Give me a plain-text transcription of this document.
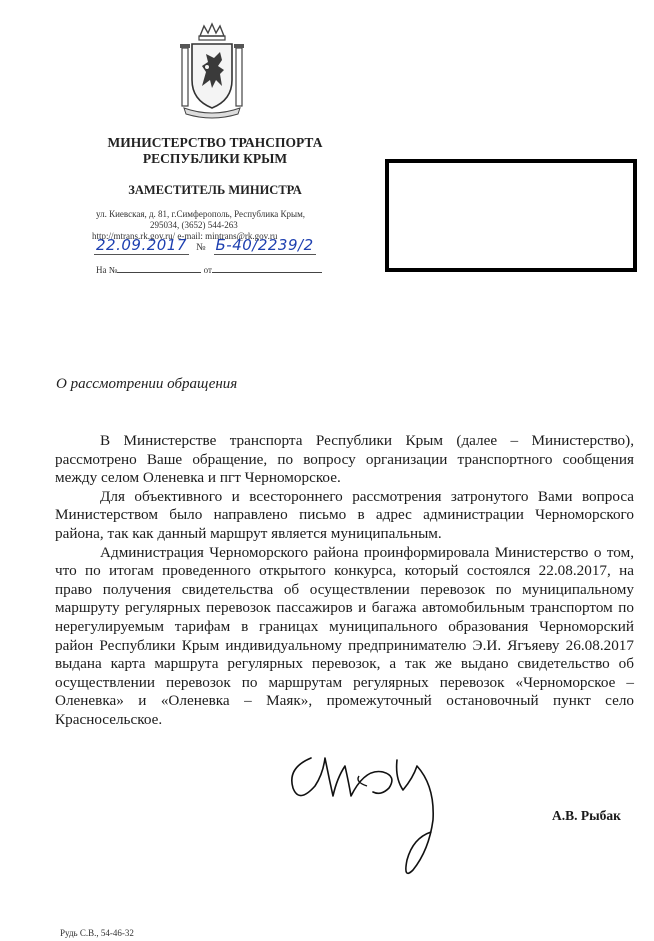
МИНИСТЕРСТВО ТРАНСПОРТА
РЕСПУБЛИКИ КРЫМ
ЗАМЕСТИТЕЛЬ МИНИСТРА
ул. Киевская, д. 81, г.Симферополь, Республика Крым,
295034, (3652) 544-263
http://mtrans.rk.gov.ru/ e-mail: mintrans@rk.gov.ru
22.09.2017 № Б-40/2239/2
На №	от
О рассмотрении обращения

В Министерстве транспорта Республики Крым (далее – Министерство), рассмотрено Ваше обращение, по вопросу организации транспортного сообщения между селом Оленевка и пгт Черноморское.

Для объективного и всестороннего рассмотрения затронутого Вами вопроса Министерством было направлено письмо в адрес администрации Черноморского района, так как данный маршрут является муниципальным.

Администрация Черноморского района проинформировала Министерство о том, что по итогам проведенного открытого конкурса, который состоялся 22.08.2017, на право получения свидетельства об осуществлении перевозок по муниципальному маршруту регулярных перевозок пассажиров и багажа автомобильным транспортом по нерегулируемым тарифам в границах муниципального образования Черноморский район Республики Крым индивидуальному предпринимателю Э.И. Ягъяеву 26.08.2017 выдана карта маршрута регулярных перевозок, а так же выдано свидетельство об осуществлении перевозок по маршрутам регулярных перевозок «Черноморское – Оленевка» и «Оленевка – Маяк», промежуточный остановочный пункт село Красносельское.

А.В. Рыбак
Рудь С.В., 54-46-32
